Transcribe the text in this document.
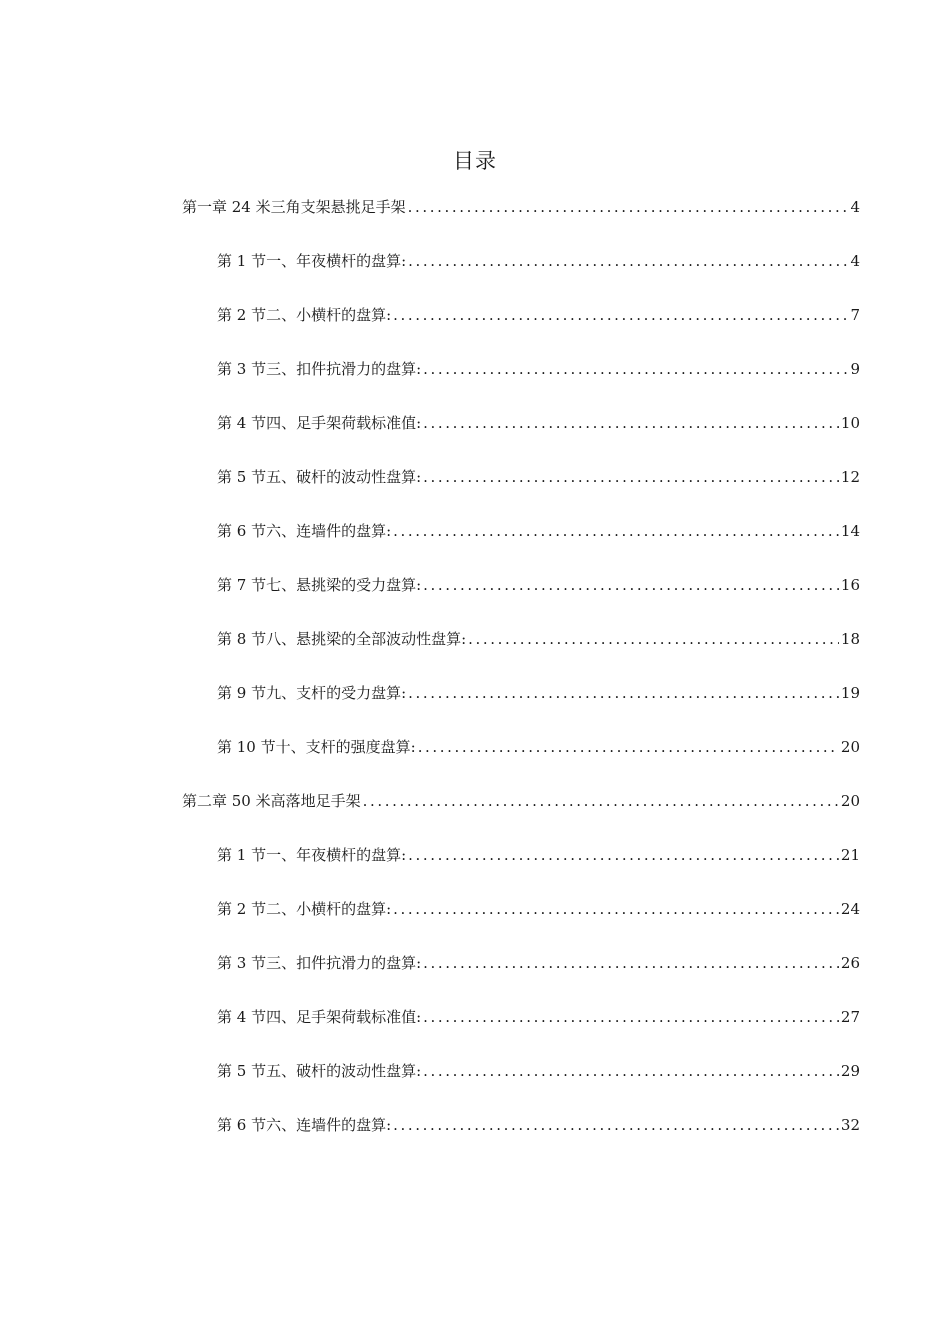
目录
第一章 24 米三角支架悬挑足手架 .....	4
第 1 节一、年夜横杆的盘算: .....	4
第 2 节二、小横杆的盘算: .....	7
第 3 节三、扣件抗滑力的盘算: .....	9
第 4 节四、足手架荷载标准值: .....	10
第 5 节五、破杆的波动性盘算: .....	12
第 6 节六、连墙件的盘算: .....	14
第 7 节七、悬挑梁的受力盘算: .....	16
第 8 节八、悬挑梁的全部波动性盘算: .....	18
第 9 节九、支杆的受力盘算: .....	19
第 10 节十、支杆的强度盘算: .....	20
第二章 50 米高落地足手架 .....	20
第 1 节一、年夜横杆的盘算: .....	21
第 2 节二、小横杆的盘算: .....	24
第 3 节三、扣件抗滑力的盘算: .....	26
第 4 节四、足手架荷载标准值: .....	27
第 5 节五、破杆的波动性盘算: .....	29
第 6 节六、连墙件的盘算: .....	32
